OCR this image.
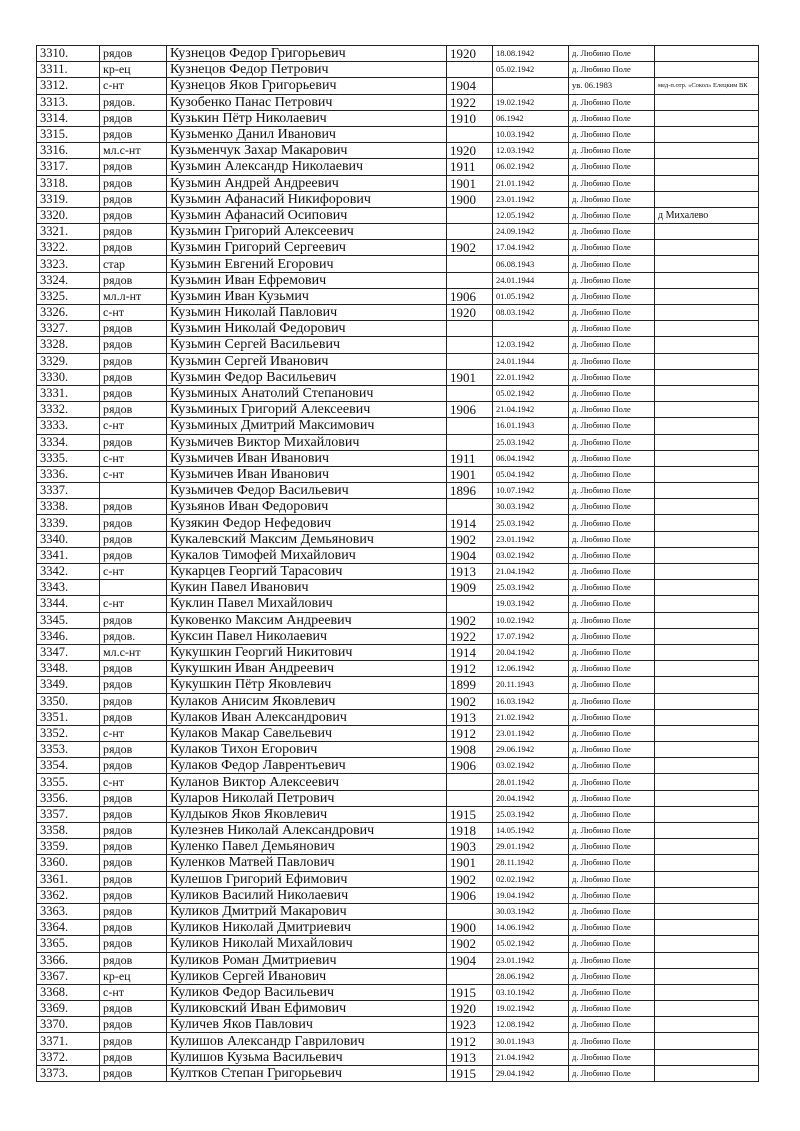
3310.	рядов	Кузнецов Федор Григорьевич	1920	18.08.1942	д. Любино Поле	
3311.	кр-ец	Кузнецов Федор Петрович		05.02.1942	д. Любино Поле	
3312.	с-нт	Кузнецов Яков Григорьевич	1904		ув. 06.1983	мед-п.отр. «Сокол» Елецким ВК
3313.	рядов.	Кузобенко Панас Петрович	1922	19.02.1942	д. Любино Поле	
3314.	рядов	Кузькин Пётр Николаевич	1910	06.1942	д. Любино Поле	
3315.	рядов	Кузьменко Данил Иванович		10.03.1942	д. Любино Поле	
3316.	мл.с-нт	Кузьменчук Захар Макарович	1920	12.03.1942	д. Любино Поле	
3317.	рядов	Кузьмин Александр Николаевич	1911	06.02.1942	д. Любино Поле	
3318.	рядов	Кузьмин Андрей Андреевич	1901	21.01.1942	д. Любино Поле	
3319.	рядов	Кузьмин Афанасий Никифорович	1900	23.01.1942	д. Любино Поле	
3320.	рядов	Кузьмин Афанасий Осипович		12.05.1942	д. Любино Поле	д Михалево
3321.	рядов	Кузьмин Григорий Алексеевич		24.09.1942	д. Любино Поле	
3322.	рядов	Кузьмин Григорий Сергеевич	1902	17.04.1942	д. Любино Поле	
3323.	стар	Кузьмин Евгений Егорович		06.08.1943	д. Любино Поле	
3324.	рядов	Кузьмин Иван Ефремович		24.01.1944	д. Любино Поле	
3325.	мл.л-нт	Кузьмин Иван Кузьмич	1906	01.05.1942	д. Любино Поле	
3326.	с-нт	Кузьмин Николай Павлович	1920	08.03.1942	д. Любино Поле	
3327.	рядов	Кузьмин Николай Федорович			д. Любино Поле	
3328.	рядов	Кузьмин Сергей Васильевич		12.03.1942	д. Любино Поле	
3329.	рядов	Кузьмин Сергей Иванович		24.01.1944	д. Любино Поле	
3330.	рядов	Кузьмин Федор Васильевич	1901	22.01.1942	д. Любино Поле	
3331.	рядов	Кузьминых Анатолий Степанович		05.02.1942	д. Любино Поле	
3332.	рядов	Кузьминых Григорий Алексеевич	1906	21.04.1942	д. Любино Поле	
3333.	с-нт	Кузьминых Дмитрий Максимович		16.01.1943	д. Любино Поле	
3334.	рядов	Кузьмичев Виктор Михайлович		25.03.1942	д. Любино Поле	
3335.	с-нт	Кузьмичев Иван Иванович	1911	06.04.1942	д. Любино Поле	
3336.	с-нт	Кузьмичев Иван Иванович	1901	05.04.1942	д. Любино Поле	
3337.		Кузьмичев Федор Васильевич	1896	10.07.1942	д. Любино Поле	
3338.	рядов	Кузьянов Иван Федорович		30.03.1942	д. Любино Поле	
3339.	рядов	Кузякин Федор Нефедович	1914	25.03.1942	д. Любино Поле	
3340.	рядов	Кукалевский Максим Демьянович	1902	23.01.1942	д. Любино Поле	
3341.	рядов	Кукалов Тимофей Михайлович	1904	03.02.1942	д. Любино Поле	
3342.	с-нт	Кукарцев Георгий Тарасович	1913	21.04.1942	д. Любино Поле	
3343.		Кукин Павел Иванович	1909	25.03.1942	д. Любино Поле	
3344.	с-нт	Куклин Павел Михайлович		19.03.1942	д. Любино Поле	
3345.	рядов	Куковенко Максим Андреевич	1902	10.02.1942	д. Любино Поле	
3346.	рядов.	Куксин Павел Николаевич	1922	17.07.1942	д. Любино Поле	
3347.	мл.с-нт	Кукушкин Георгий Никитович	1914	20.04.1942	д. Любино Поле	
3348.	рядов	Кукушкин Иван Андреевич	1912	12.06.1942	д. Любино Поле	
3349.	рядов	Кукушкин Пётр Яковлевич	1899	20.11.1943	д. Любино Поле	
3350.	рядов	Кулаков Анисим Яковлевич	1902	16.03.1942	д. Любино Поле	
3351.	рядов	Кулаков Иван Александрович	1913	21.02.1942	д. Любино Поле	
3352.	с-нт	Кулаков Макар Савельевич	1912	23.01.1942	д. Любино Поле	
3353.	рядов	Кулаков Тихон Егорович	1908	29.06.1942	д. Любино Поле	
3354.	рядов	Кулаков Федор Лаврентьевич	1906	03.02.1942	д. Любино Поле	
3355.	с-нт	Куланов Виктор Алексеевич		28.01.1942	д. Любино Поле	
3356.	рядов	Куларов Николай Петрович		20.04.1942	д. Любино Поле	
3357.	рядов	Кулдыков Яков Яковлевич	1915	25.03.1942	д. Любино Поле	
3358.	рядов	Кулезнев Николай Александрович	1918	14.05.1942	д. Любино Поле	
3359.	рядов	Куленко Павел Демьянович	1903	29.01.1942	д. Любино Поле	
3360.	рядов	Куленков Матвей Павлович	1901	28.11.1942	д. Любино Поле	
3361.	рядов	Кулешов Григорий Ефимович	1902	02.02.1942	д. Любино Поле	
3362.	рядов	Куликов Василий Николаевич	1906	19.04.1942	д. Любино Поле	
3363.	рядов	Куликов Дмитрий Макарович		30.03.1942	д. Любино Поле	
3364.	рядов	Куликов Николай Дмитриевич	1900	14.06.1942	д. Любино Поле	
3365.	рядов	Куликов Николай Михайлович	1902	05.02.1942	д. Любино Поле	
3366.	рядов	Куликов Роман Дмитриевич	1904	23.01.1942	д. Любино Поле	
3367.	кр-ец	Куликов Сергей Иванович		28.06.1942	д. Любино Поле	
3368.	с-нт	Куликов Федор Васильевич	1915	03.10.1942	д. Любино Поле	
3369.	рядов	Куликовский Иван Ефимович	1920	19.02.1942	д. Любино Поле	
3370.	рядов	Куличев Яков Павлович	1923	12.08.1942	д. Любино Поле	
3371.	рядов	Кулишов Александр Гаврилович	1912	30.01.1943	д. Любино Поле	
3372.	рядов	Кулишов Кузьма Васильевич	1913	21.04.1942	д. Любино Поле	
3373.	рядов	Култков Степан Григорьевич	1915	29.04.1942	д. Любино Поле	
